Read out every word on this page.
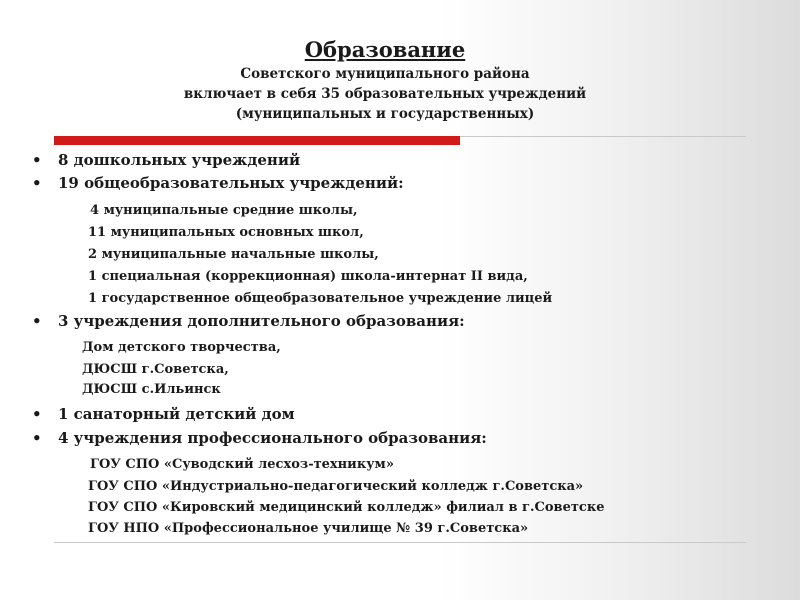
Образование
Советского муниципального района
включает в себя 35 образовательных учреждений
(муниципальных и государственных)
• 8 дошкольных учреждений
• 19 общеобразовательных учреждений:
4 муниципальные средние школы,
11 муниципальных основных школ,
2 муниципальные начальные школы,
1 специальная (коррекционная) школа-интернат II вида,
1 государственное общеобразовательное учреждение лицей
• 3 учреждения дополнительного образования:
Дом детского творчества,
ДЮСШ г.Советска,
ДЮСШ с.Ильинск
• 1 санаторный детский дом
• 4 учреждения профессионального образования:
ГОУ СПО «Суводский лесхоз-техникум»
ГОУ СПО «Индустриально-педагогический колледж г.Советска»
ГОУ СПО «Кировский медицинский колледж» филиал в г.Советске
ГОУ НПО «Профессиональное училище № 39 г.Советска»
